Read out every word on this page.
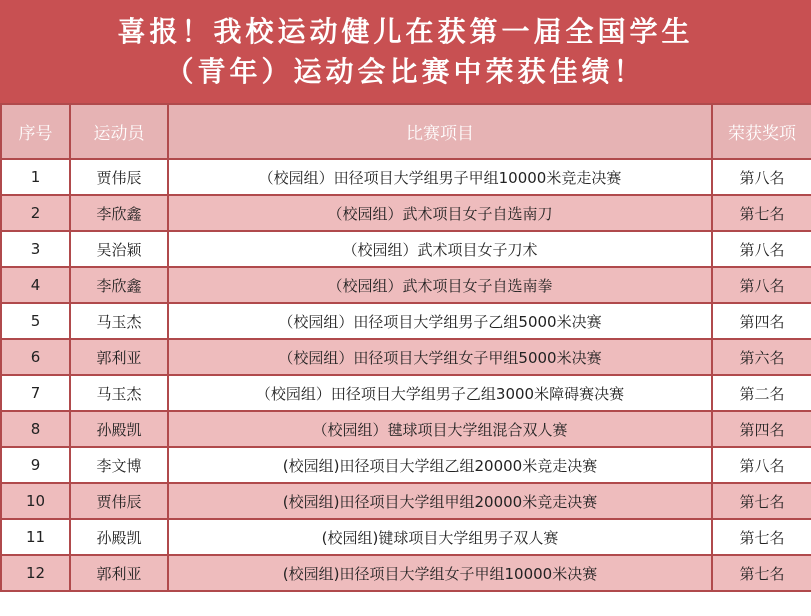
喜报！我校运动健儿在获第一届全国学生
（青年）运动会比赛中荣获佳绩！
序号	运动员	比赛项目	荣获奖项
1	贾伟辰	（校园组）田径项目大学组男子甲组10000米竞走决赛	第八名
2	李欣鑫	（校园组）武术项目女子自选南刀	第七名
3	吴治颖	（校园组）武术项目女子刀术	第八名
4	李欣鑫	（校园组）武术项目女子自选南拳	第八名
5	马玉杰	（校园组）田径项目大学组男子乙组5000米决赛	第四名
6	郭利亚	（校园组）田径项目大学组女子甲组5000米决赛	第六名
7	马玉杰	（校园组）田径项目大学组男子乙组3000米障碍赛决赛	第二名
8	孙殿凯	（校园组）毽球项目大学组混合双人赛	第四名
9	李文博	(校园组)田径项目大学组乙组20000米竞走决赛	第八名
10	贾伟辰	(校园组)田径项目大学组甲组20000米竞走决赛	第七名
11	孙殿凯	(校园组)键球项目大学组男子双人赛	第七名
12	郭利亚	(校园组)田径项目大学组女子甲组10000米决赛	第七名
